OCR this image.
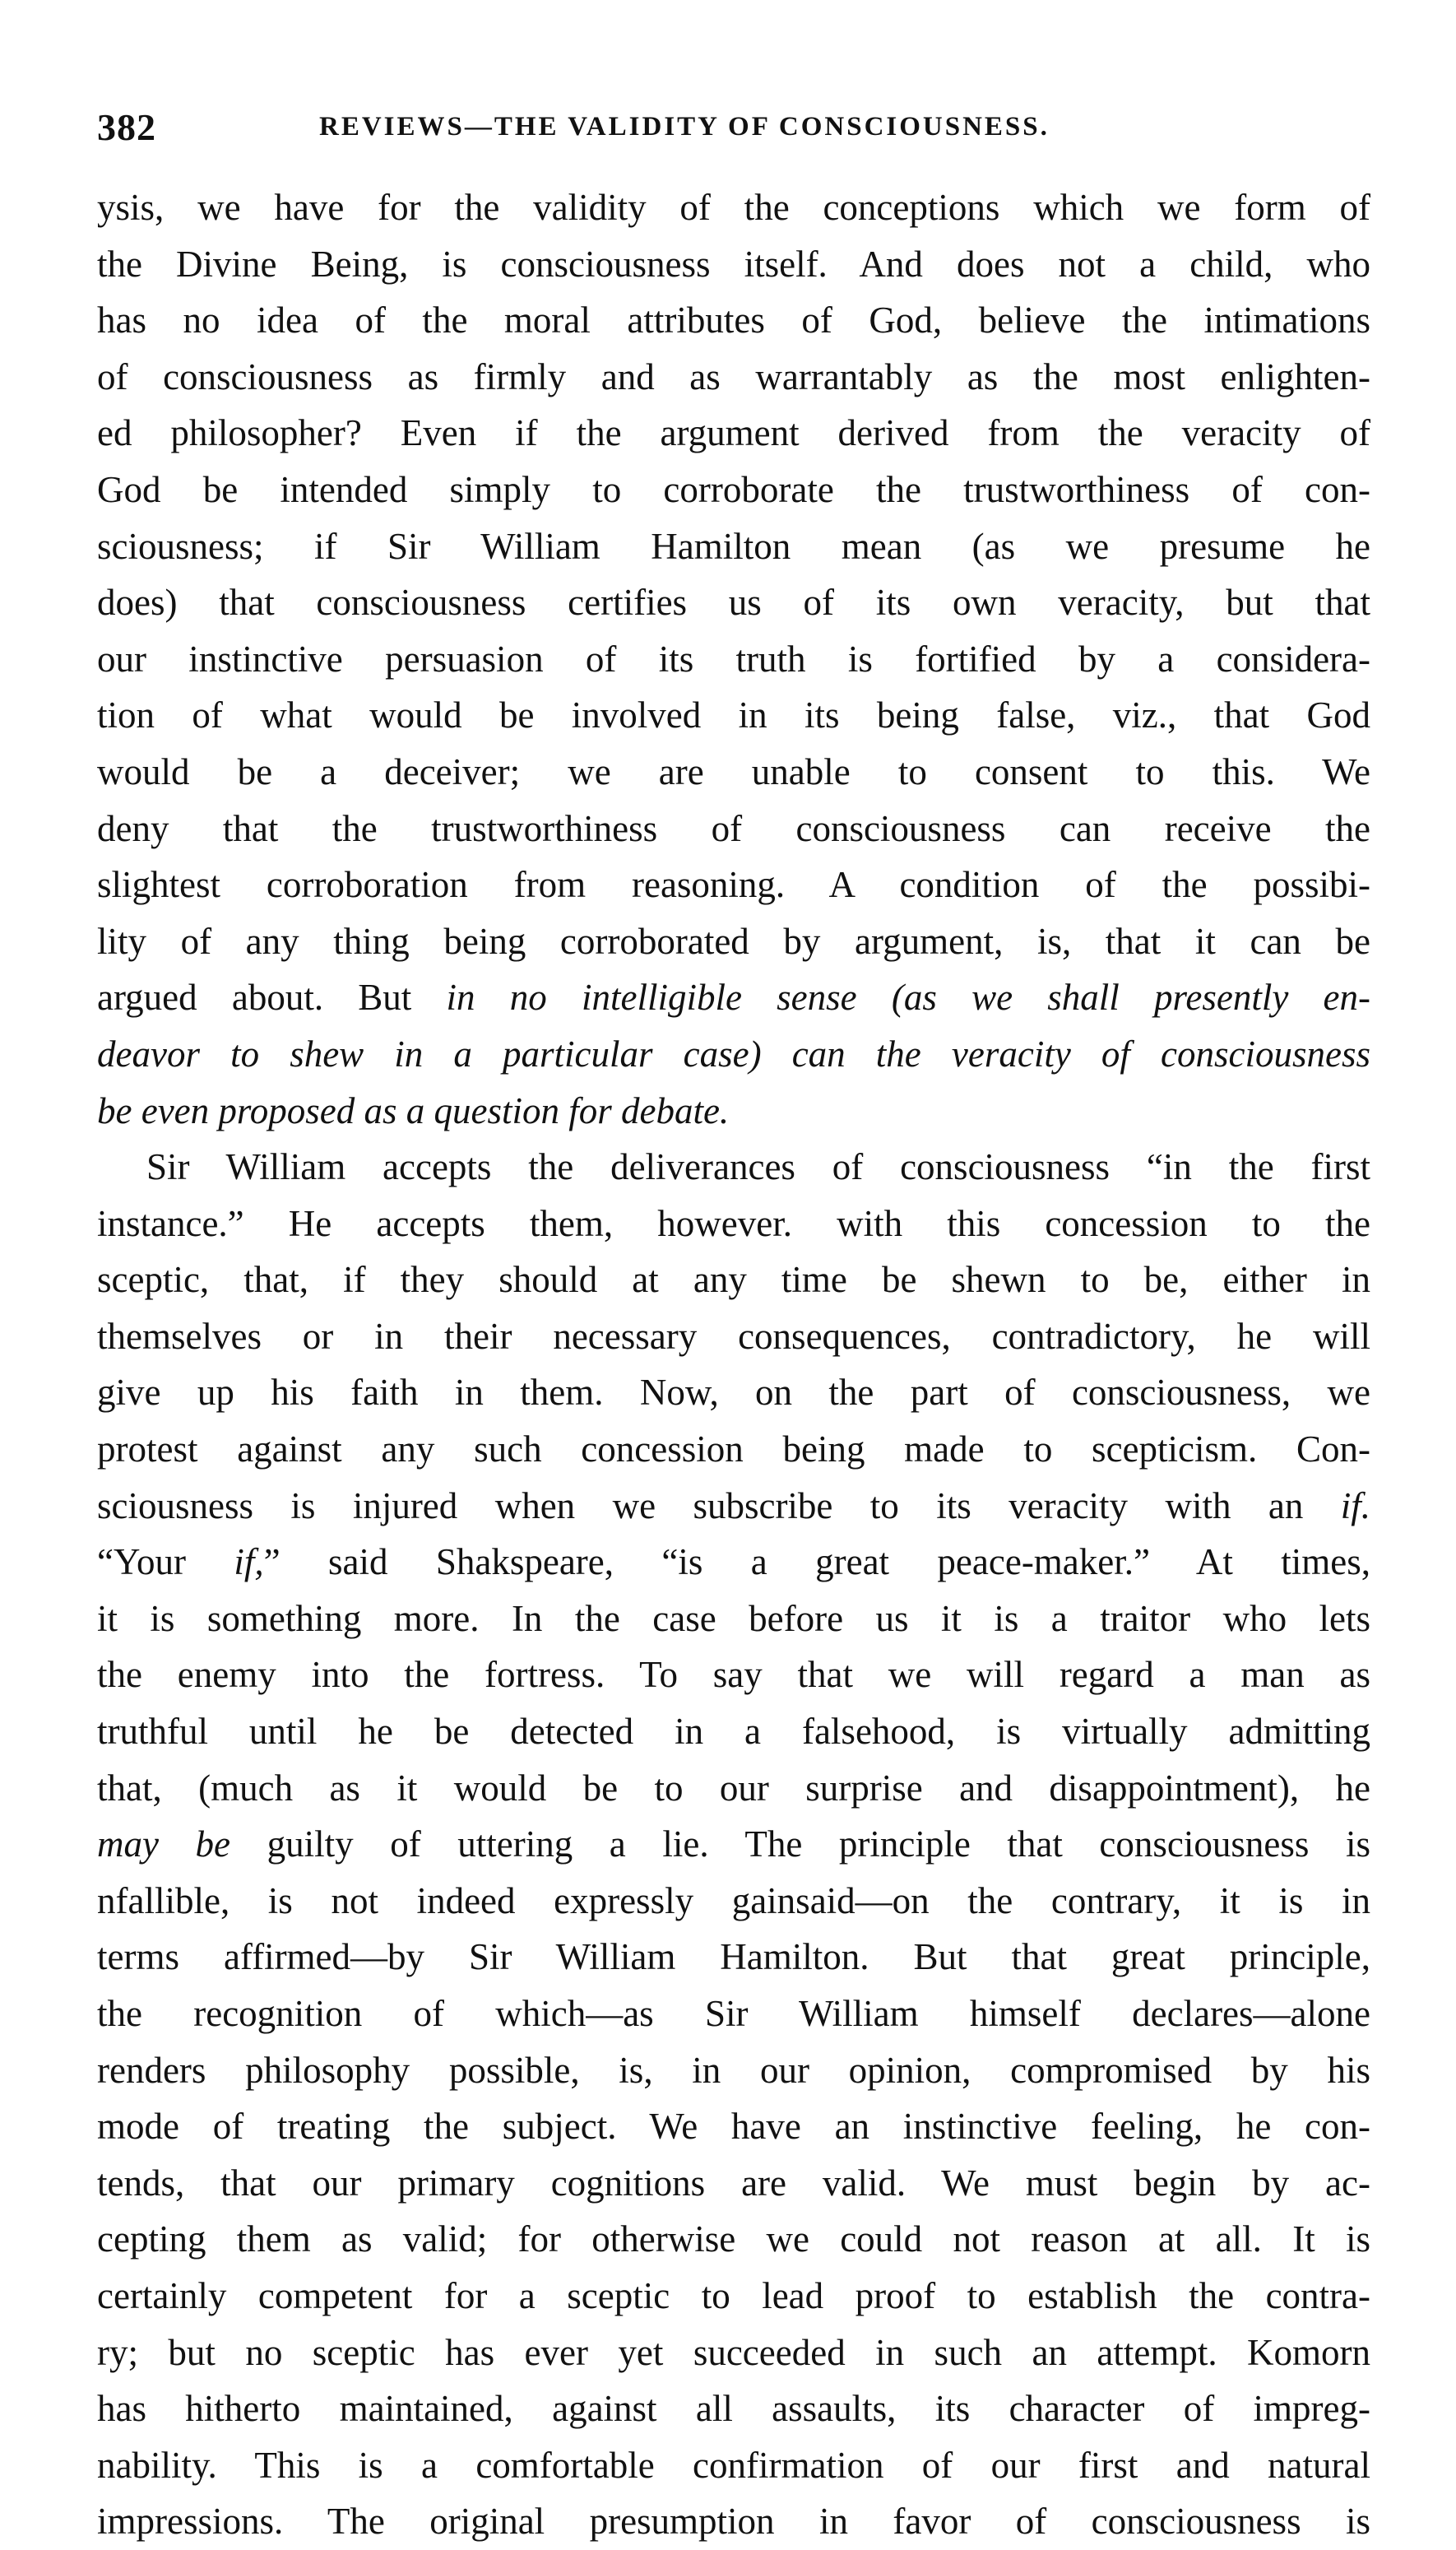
382	REVIEWS—THE VALIDITY OF CONSCIOUSNESS.
ysis, we have for the validity of the conceptions which we form of
the Divine Being, is consciousness itself. And does not a child, who
has no idea of the moral attributes of God, believe the intimations
of consciousness as firmly and as warrantably as the most enlighten-
ed philosopher? Even if the argument derived from the veracity of
God be intended simply to corroborate the trustworthiness of con-
sciousness; if Sir William Hamilton mean (as we presume he
does) that consciousness certifies us of its own veracity, but that
our instinctive persuasion of its truth is fortified by a considera-
tion of what would be involved in its being false, viz., that God
would be a deceiver; we are unable to consent to this. We
deny that the trustworthiness of consciousness can receive the
slightest corroboration from reasoning. A condition of the possibi-
lity of any thing being corroborated by argument, is, that it can be
argued about. But in no intelligible sense (as we shall presently en-
deavor to shew in a particular case) can the veracity of consciousness
be even proposed as a question for debate.
Sir William accepts the deliverances of consciousness “in the first
instance.” He accepts them, however. with this concession to the
sceptic, that, if they should at any time be shewn to be, either in
themselves or in their necessary consequences, contradictory, he will
give up his faith in them. Now, on the part of consciousness, we
protest against any such concession being made to scepticism. Con-
sciousness is injured when we subscribe to its veracity with an if.
“Your if,” said Shakspeare, “is a great peace-maker.” At times,
it is something more. In the case before us it is a traitor who lets
the enemy into the fortress. To say that we will regard a man as
truthful until he be detected in a falsehood, is virtually admitting
that, (much as it would be to our surprise and disappointment), he
may be guilty of uttering a lie. The principle that consciousness is
nfallible, is not indeed expressly gainsaid—on the contrary, it is in
terms affirmed—by Sir William Hamilton. But that great principle,
the recognition of which—as Sir William himself declares—alone
renders philosophy possible, is, in our opinion, compromised by his
mode of treating the subject. We have an instinctive feeling, he con-
tends, that our primary cognitions are valid. We must begin by ac-
cepting them as valid; for otherwise we could not reason at all. It is
certainly competent for a sceptic to lead proof to establish the contra-
ry; but no sceptic has ever yet succeeded in such an attempt. Komorn
has hitherto maintained, against all assaults, its character of impreg-
nability. This is a comfortable confirmation of our first and natural
impressions. The original presumption in favor of consciousness is
